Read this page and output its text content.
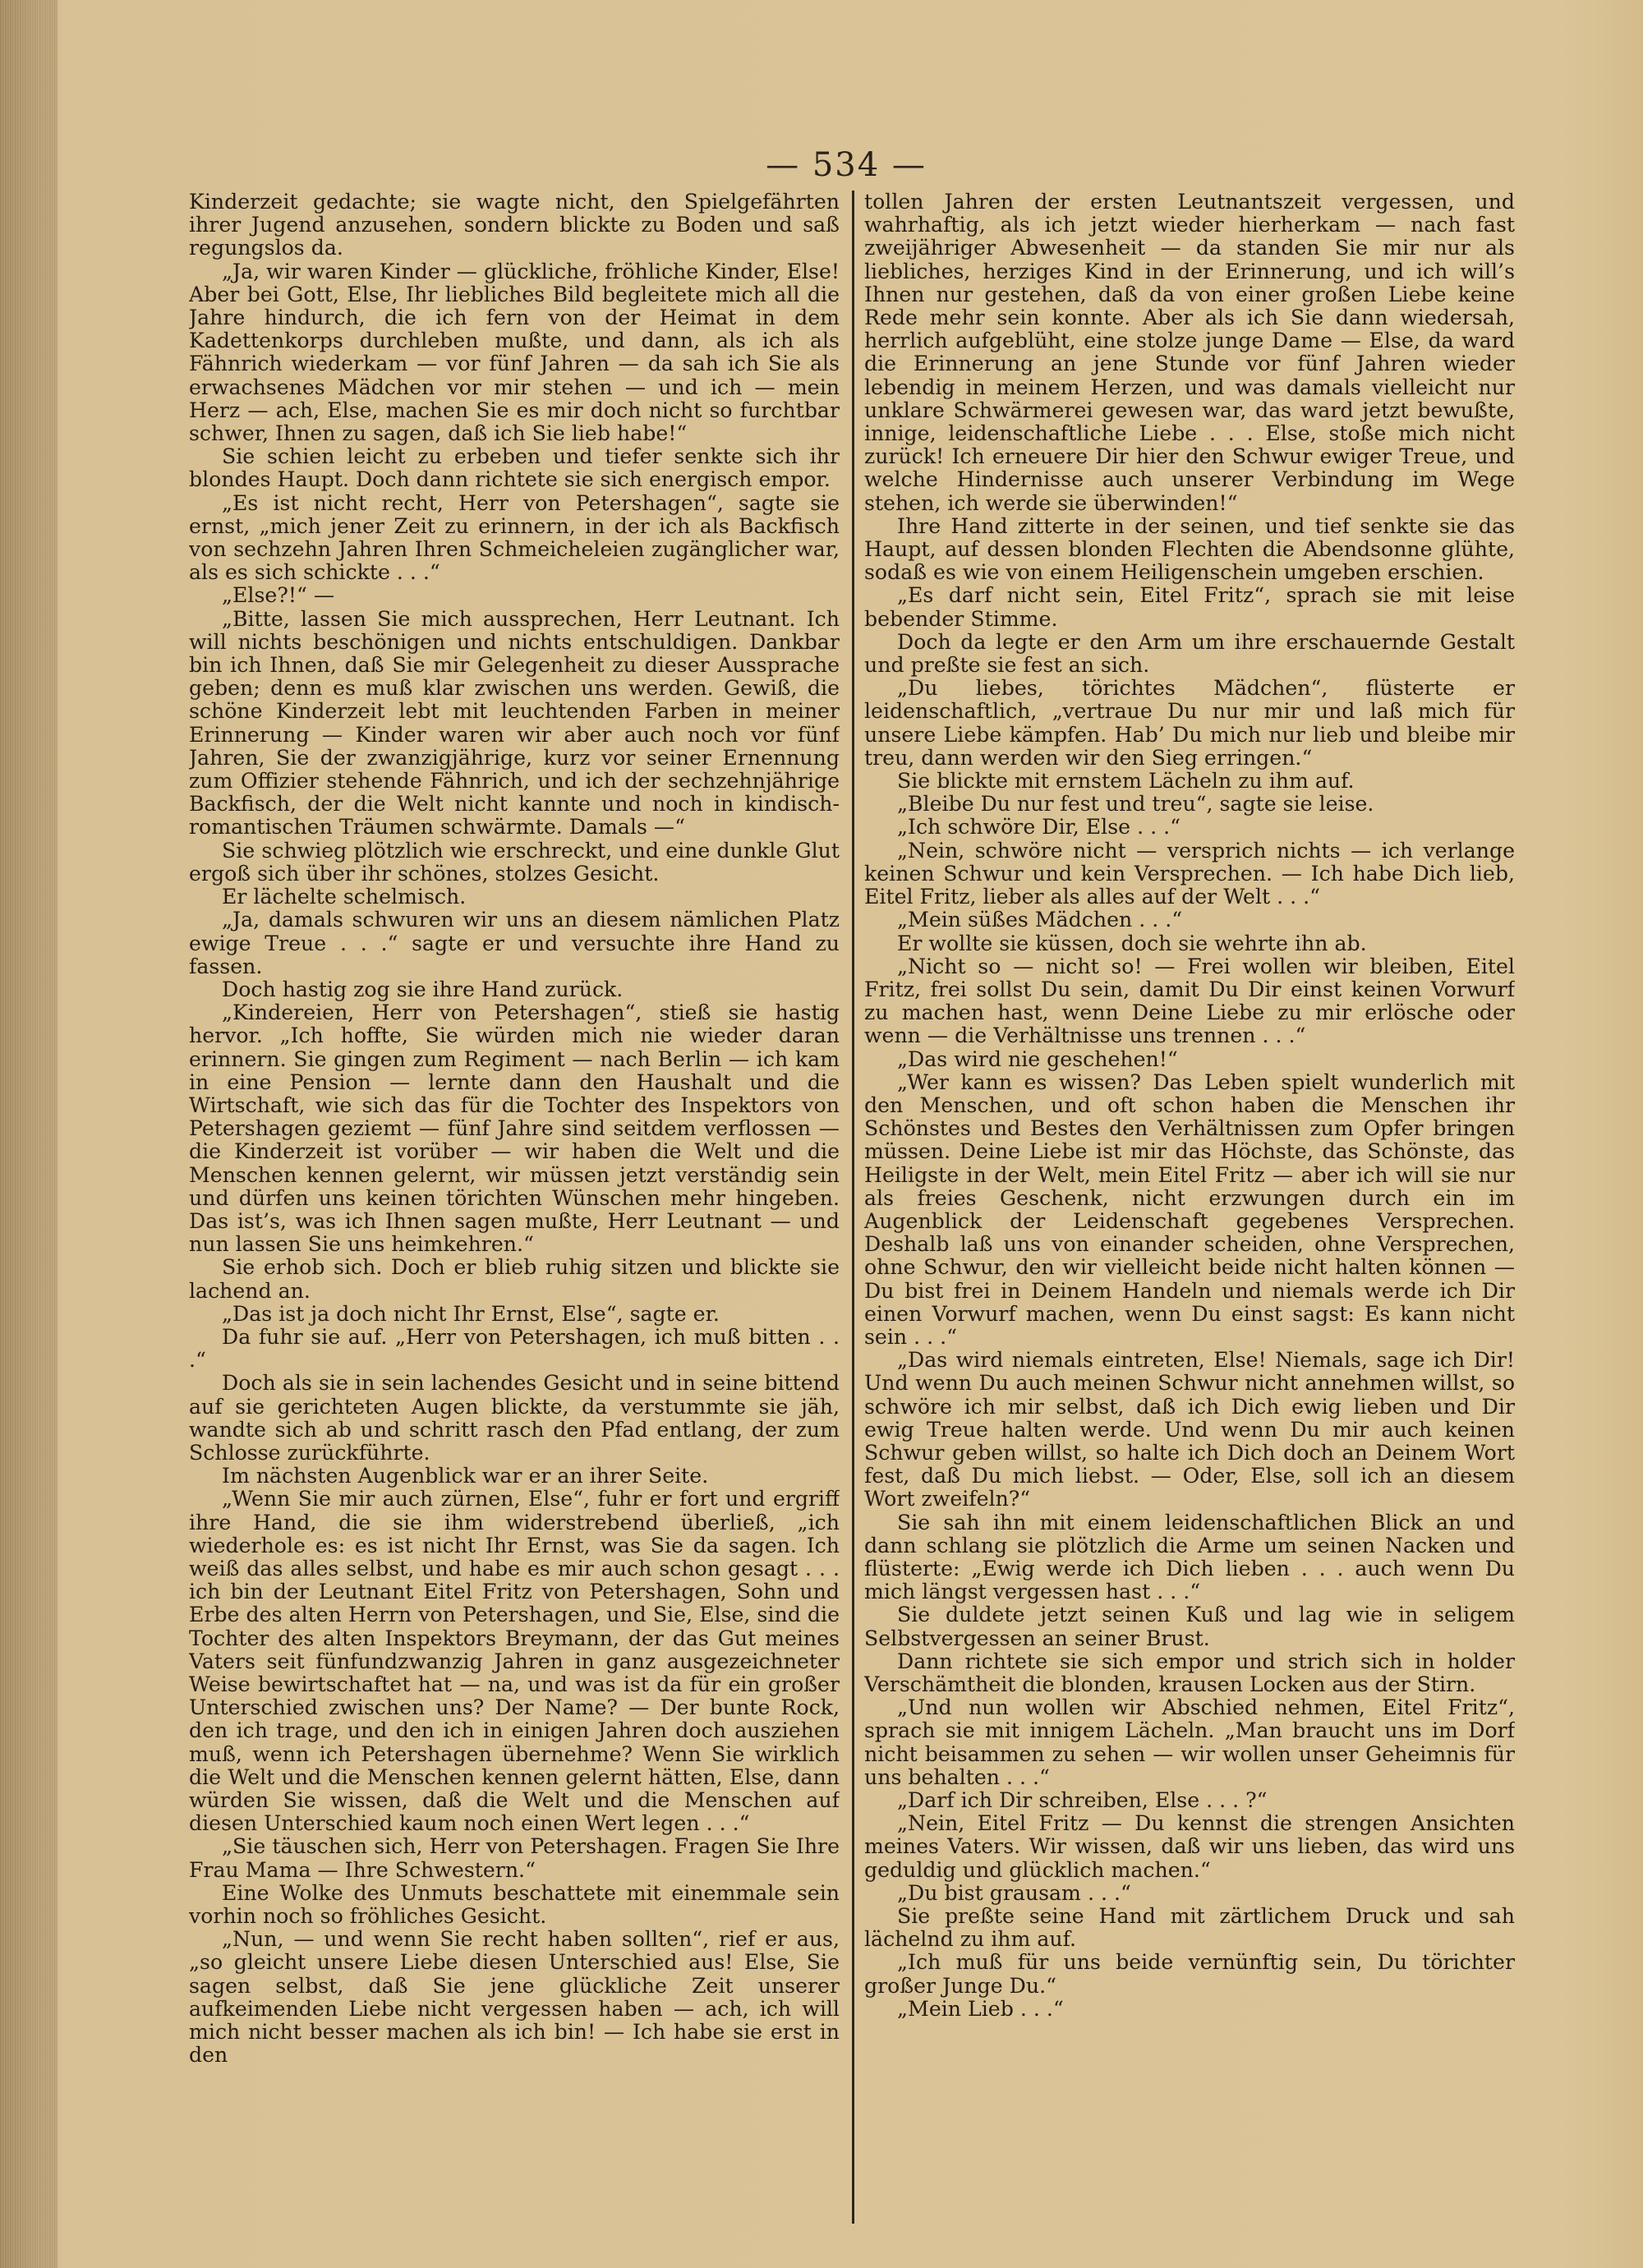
— 534 —

Kinderzeit gedachte; sie wagte nicht, den Spielgefährten ihrer Jugend anzusehen, sondern blickte zu Boden und saß regungslos da.

„Ja, wir waren Kinder — glückliche, fröhliche Kinder, Else! Aber bei Gott, Else, Ihr liebliches Bild begleitete mich all die Jahre hindurch, die ich fern von der Heimat in dem Kadettenkorps durchleben mußte, und dann, als ich als Fähnrich wiederkam — vor fünf Jahren — da sah ich Sie als erwachsenes Mädchen vor mir stehen — und ich — mein Herz — ach, Else, machen Sie es mir doch nicht so furchtbar schwer, Ihnen zu sagen, daß ich Sie lieb habe!“

Sie schien leicht zu erbeben und tiefer senkte sich ihr blondes Haupt. Doch dann richtete sie sich energisch empor.

„Es ist nicht recht, Herr von Petershagen“, sagte sie ernst, „mich jener Zeit zu erinnern, in der ich als Backfisch von sechzehn Jahren Ihren Schmeicheleien zugänglicher war, als es sich schickte . . .“

„Else?!“ —

„Bitte, lassen Sie mich aussprechen, Herr Leutnant. Ich will nichts beschönigen und nichts entschuldigen. Dankbar bin ich Ihnen, daß Sie mir Gelegenheit zu dieser Aussprache geben; denn es muß klar zwischen uns werden. Gewiß, die schöne Kinderzeit lebt mit leuchtenden Farben in meiner Erinnerung — Kinder waren wir aber auch noch vor fünf Jahren, Sie der zwanzigjährige, kurz vor seiner Ernennung zum Offizier stehende Fähnrich, und ich der sechzehnjährige Backfisch, der die Welt nicht kannte und noch in kindisch-romantischen Träumen schwärmte. Damals —“

Sie schwieg plötzlich wie erschreckt, und eine dunkle Glut ergoß sich über ihr schönes, stolzes Gesicht.

Er lächelte schelmisch.

„Ja, damals schwuren wir uns an diesem nämlichen Platz ewige Treue . . .“ sagte er und versuchte ihre Hand zu fassen.

Doch hastig zog sie ihre Hand zurück.

„Kindereien, Herr von Petershagen“, stieß sie hastig hervor. „Ich hoffte, Sie würden mich nie wieder daran erinnern. Sie gingen zum Regiment — nach Berlin — ich kam in eine Pension — lernte dann den Haushalt und die Wirtschaft, wie sich das für die Tochter des Inspektors von Petershagen geziemt — fünf Jahre sind seitdem verflossen — die Kinderzeit ist vorüber — wir haben die Welt und die Menschen kennen gelernt, wir müssen jetzt verständig sein und dürfen uns keinen törichten Wünschen mehr hingeben. Das ist’s, was ich Ihnen sagen mußte, Herr Leutnant — und nun lassen Sie uns heimkehren.“

Sie erhob sich. Doch er blieb ruhig sitzen und blickte sie lachend an.

„Das ist ja doch nicht Ihr Ernst, Else“, sagte er.

Da fuhr sie auf. „Herr von Petershagen, ich muß bitten . . .“

Doch als sie in sein lachendes Gesicht und in seine bittend auf sie gerichteten Augen blickte, da verstummte sie jäh, wandte sich ab und schritt rasch den Pfad entlang, der zum Schlosse zurückführte.

Im nächsten Augenblick war er an ihrer Seite.

„Wenn Sie mir auch zürnen, Else“, fuhr er fort und ergriff ihre Hand, die sie ihm widerstrebend überließ, „ich wiederhole es: es ist nicht Ihr Ernst, was Sie da sagen. Ich weiß das alles selbst, und habe es mir auch schon gesagt . . . ich bin der Leutnant Eitel Fritz von Petershagen, Sohn und Erbe des alten Herrn von Petershagen, und Sie, Else, sind die Tochter des alten Inspektors Breymann, der das Gut meines Vaters seit fünfundzwanzig Jahren in ganz ausgezeichneter Weise bewirtschaftet hat — na, und was ist da für ein großer Unterschied zwischen uns? Der Name? — Der bunte Rock, den ich trage, und den ich in einigen Jahren doch ausziehen muß, wenn ich Petershagen übernehme? Wenn Sie wirklich die Welt und die Menschen kennen gelernt hätten, Else, dann würden Sie wissen, daß die Welt und die Menschen auf diesen Unterschied kaum noch einen Wert legen . . .“

„Sie täuschen sich, Herr von Petershagen. Fragen Sie Ihre Frau Mama — Ihre Schwestern.“

Eine Wolke des Unmuts beschattete mit einemmale sein vorhin noch so fröhliches Gesicht.

„Nun, — und wenn Sie recht haben sollten“, rief er aus, „so gleicht unsere Liebe diesen Unterschied aus! Else, Sie sagen selbst, daß Sie jene glückliche Zeit unserer aufkeimenden Liebe nicht vergessen haben — ach, ich will mich nicht besser machen als ich bin! — Ich habe sie erst in den

tollen Jahren der ersten Leutnantszeit vergessen, und wahrhaftig, als ich jetzt wieder hierherkam — nach fast zweijähriger Abwesenheit — da standen Sie mir nur als liebliches, herziges Kind in der Erinnerung, und ich will’s Ihnen nur gestehen, daß da von einer großen Liebe keine Rede mehr sein konnte. Aber als ich Sie dann wiedersah, herrlich aufgeblüht, eine stolze junge Dame — Else, da ward die Erinnerung an jene Stunde vor fünf Jahren wieder lebendig in meinem Herzen, und was damals vielleicht nur unklare Schwärmerei gewesen war, das ward jetzt bewußte, innige, leidenschaftliche Liebe . . . Else, stoße mich nicht zurück! Ich erneuere Dir hier den Schwur ewiger Treue, und welche Hindernisse auch unserer Verbindung im Wege stehen, ich werde sie überwinden!“

Ihre Hand zitterte in der seinen, und tief senkte sie das Haupt, auf dessen blonden Flechten die Abendsonne glühte, sodaß es wie von einem Heiligenschein umgeben erschien.

„Es darf nicht sein, Eitel Fritz“, sprach sie mit leise bebender Stimme.

Doch da legte er den Arm um ihre erschauernde Gestalt und preßte sie fest an sich.

„Du liebes, törichtes Mädchen“, flüsterte er leidenschaftlich, „vertraue Du nur mir und laß mich für unsere Liebe kämpfen. Hab’ Du mich nur lieb und bleibe mir treu, dann werden wir den Sieg erringen.“

Sie blickte mit ernstem Lächeln zu ihm auf.

„Bleibe Du nur fest und treu“, sagte sie leise.

„Ich schwöre Dir, Else . . .“

„Nein, schwöre nicht — versprich nichts — ich verlange keinen Schwur und kein Versprechen. — Ich habe Dich lieb, Eitel Fritz, lieber als alles auf der Welt . . .“

„Mein süßes Mädchen . . .“

Er wollte sie küssen, doch sie wehrte ihn ab.

„Nicht so — nicht so! — Frei wollen wir bleiben, Eitel Fritz, frei sollst Du sein, damit Du Dir einst keinen Vorwurf zu machen hast, wenn Deine Liebe zu mir erlösche oder wenn — die Verhältnisse uns trennen . . .“

„Das wird nie geschehen!“

„Wer kann es wissen? Das Leben spielt wunderlich mit den Menschen, und oft schon haben die Menschen ihr Schönstes und Bestes den Verhältnissen zum Opfer bringen müssen. Deine Liebe ist mir das Höchste, das Schönste, das Heiligste in der Welt, mein Eitel Fritz — aber ich will sie nur als freies Geschenk, nicht erzwungen durch ein im Augenblick der Leidenschaft gegebenes Versprechen. Deshalb laß uns von einander scheiden, ohne Versprechen, ohne Schwur, den wir vielleicht beide nicht halten können — Du bist frei in Deinem Handeln und niemals werde ich Dir einen Vorwurf machen, wenn Du einst sagst: Es kann nicht sein . . .“

„Das wird niemals eintreten, Else! Niemals, sage ich Dir! Und wenn Du auch meinen Schwur nicht annehmen willst, so schwöre ich mir selbst, daß ich Dich ewig lieben und Dir ewig Treue halten werde. Und wenn Du mir auch keinen Schwur geben willst, so halte ich Dich doch an Deinem Wort fest, daß Du mich liebst. — Oder, Else, soll ich an diesem Wort zweifeln?“

Sie sah ihn mit einem leidenschaftlichen Blick an und dann schlang sie plötzlich die Arme um seinen Nacken und flüsterte: „Ewig werde ich Dich lieben . . . auch wenn Du mich längst vergessen hast . . .“

Sie duldete jetzt seinen Kuß und lag wie in seligem Selbstvergessen an seiner Brust.

Dann richtete sie sich empor und strich sich in holder Verschämtheit die blonden, krausen Locken aus der Stirn.

„Und nun wollen wir Abschied nehmen, Eitel Fritz“, sprach sie mit innigem Lächeln. „Man braucht uns im Dorf nicht beisammen zu sehen — wir wollen unser Geheimnis für uns behalten . . .“

„Darf ich Dir schreiben, Else . . . ?“

„Nein, Eitel Fritz — Du kennst die strengen Ansichten meines Vaters. Wir wissen, daß wir uns lieben, das wird uns geduldig und glücklich machen.“

„Du bist grausam . . .“

Sie preßte seine Hand mit zärtlichem Druck und sah lächelnd zu ihm auf.

„Ich muß für uns beide vernünftig sein, Du törichter großer Junge Du.“

„Mein Lieb . . .“
